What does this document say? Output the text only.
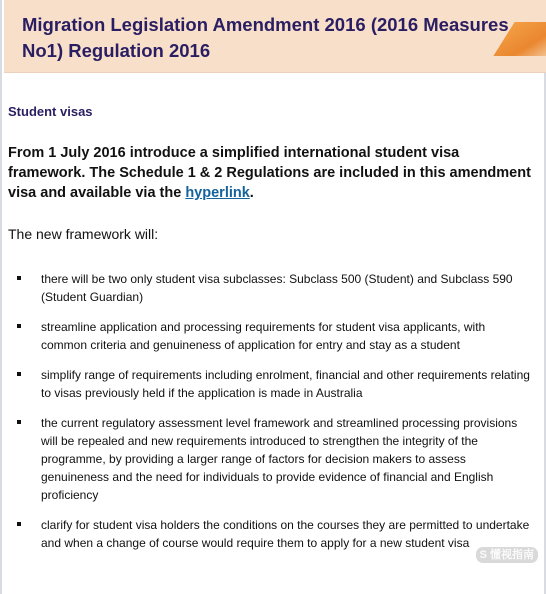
Migration Legislation Amendment 2016 (2016 Measures No1) Regulation 2016
Student visas

From 1 July 2016 introduce a simplified international student visa framework. The Schedule 1 & 2 Regulations are included in this amendment visa and available via the hyperlink.

The new framework will:

there will be two only student visa subclasses: Subclass 500 (Student) and Subclass 590 (Student Guardian)
streamline application and processing requirements for student visa applicants, with common criteria and genuineness of application for entry and stay as a student
simplify range of requirements including enrolment, financial and other requirements relating to visas previously held if the application is made in Australia
the current regulatory assessment level framework and streamlined processing provisions will be repealed and new requirements introduced to strengthen the integrity of the programme, by providing a larger range of factors for decision makers to assess genuineness and the need for individuals to provide evidence of financial and English proficiency
clarify for student visa holders the conditions on the courses they are permitted to undertake and when a change of course would require them to apply for a new student visa
S 懂视指南
